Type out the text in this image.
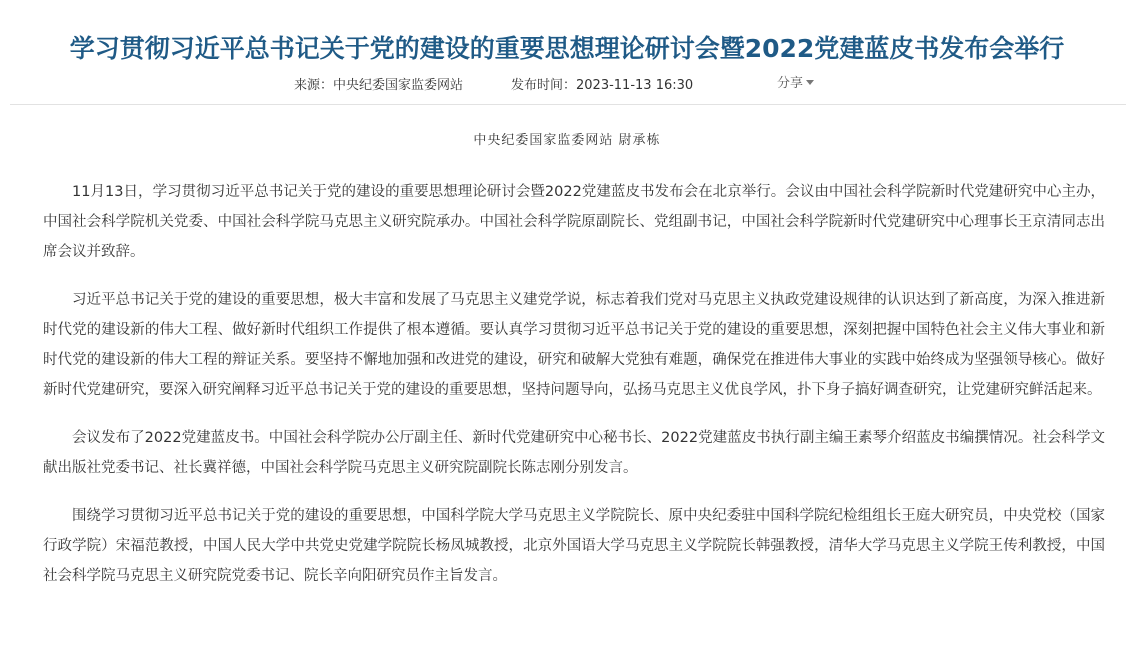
学习贯彻习近平总书记关于党的建设的重要思想理论研讨会暨2022党建蓝皮书发布会举行
来源：中央纪委国家监委网站	发布时间：2023-11-13 16:30	分享
中央纪委国家监委网站 尉承栋

11月13日，学习贯彻习近平总书记关于党的建设的重要思想理论研讨会暨2022党建蓝皮书发布会在北京举行。会议由中国社会科学院新时代党建研究中心主办，中国社会科学院机关党委、中国社会科学院马克思主义研究院承办。中国社会科学院原副院长、党组副书记，中国社会科学院新时代党建研究中心理事长王京清同志出席会议并致辞。

习近平总书记关于党的建设的重要思想，极大丰富和发展了马克思主义建党学说，标志着我们党对马克思主义执政党建设规律的认识达到了新高度，为深入推进新时代党的建设新的伟大工程、做好新时代组织工作提供了根本遵循。要认真学习贯彻习近平总书记关于党的建设的重要思想，深刻把握中国特色社会主义伟大事业和新时代党的建设新的伟大工程的辩证关系。要坚持不懈地加强和改进党的建设，研究和破解大党独有难题，确保党在推进伟大事业的实践中始终成为坚强领导核心。做好新时代党建研究，要深入研究阐释习近平总书记关于党的建设的重要思想，坚持问题导向，弘扬马克思主义优良学风，扑下身子搞好调查研究，让党建研究鲜活起来。

会议发布了2022党建蓝皮书。中国社会科学院办公厅副主任、新时代党建研究中心秘书长、2022党建蓝皮书执行副主编王素琴介绍蓝皮书编撰情况。社会科学文献出版社党委书记、社长冀祥德，中国社会科学院马克思主义研究院副院长陈志刚分别发言。

围绕学习贯彻习近平总书记关于党的建设的重要思想，中国科学院大学马克思主义学院院长、原中央纪委驻中国科学院纪检组组长王庭大研究员，中央党校（国家行政学院）宋福范教授，中国人民大学中共党史党建学院院长杨凤城教授，北京外国语大学马克思主义学院院长韩强教授，清华大学马克思主义学院王传利教授，中国社会科学院马克思主义研究院党委书记、院长辛向阳研究员作主旨发言。
